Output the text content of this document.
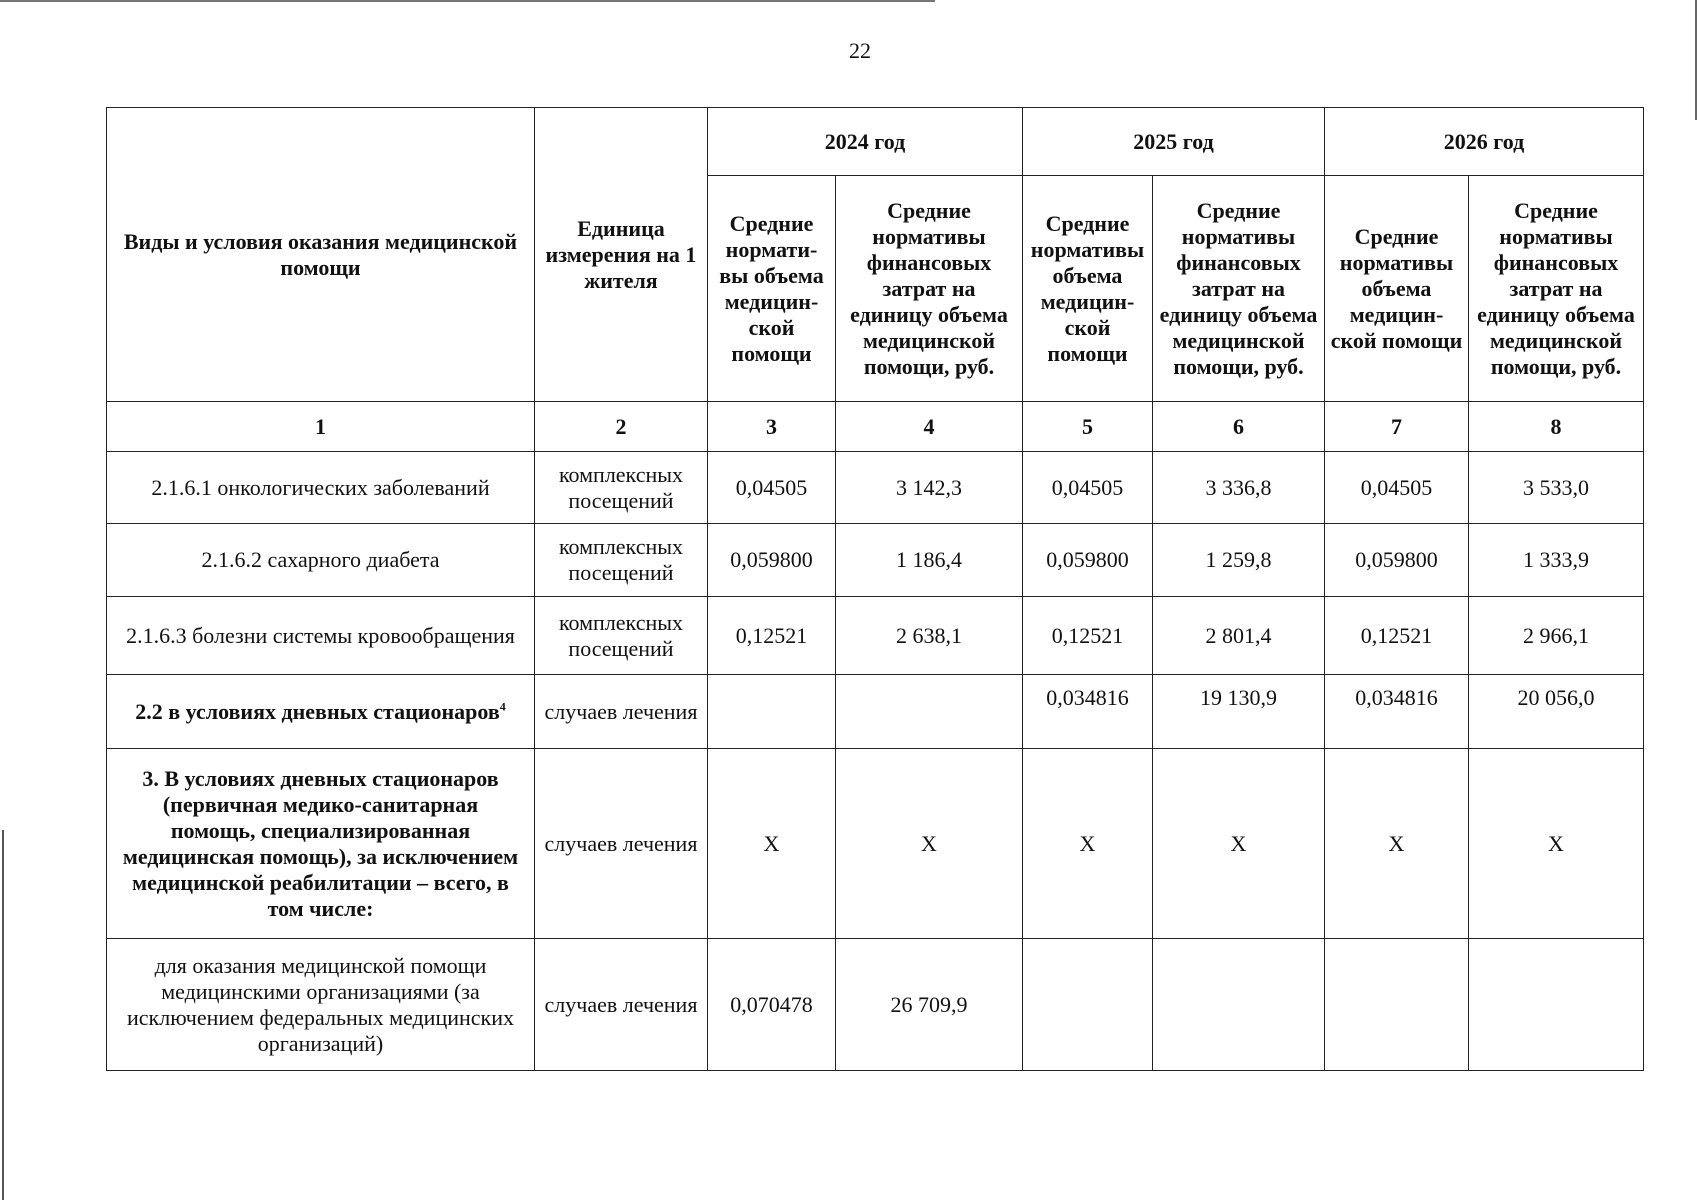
22
Виды и условия оказания медицинской помощи	Единица измерения на 1 жителя	2024 год		2025 год		2026 год	
		Средние нормати-вы объема медицин-ской помощи	Средние нормативы финансовых затрат на единицу объема медицинской помощи, руб.	Средние нормативы объема медицин-ской помощи	Средние нормативы финансовых затрат на единицу объема медицинской помощи, руб.	Средние нормативы объема медицин-ской помощи	Средние нормативы финансовых затрат на единицу объема медицинской помощи, руб.
1	2	3	4	5	6	7	8
2.1.6.1 онкологических заболеваний	комплексных посещений	0,04505	3 142,3	0,04505	3 336,8	0,04505	3 533,0
2.1.6.2 сахарного диабета	комплексных посещений	0,059800	1 186,4	0,059800	1 259,8	0,059800	1 333,9
2.1.6.3 болезни системы кровообращения	комплексных посещений	0,12521	2 638,1	0,12521	2 801,4	0,12521	2 966,1
2.2 в условиях дневных стационаров$^4$	случаев лечения			0,034816	19 130,9	0,034816	20 056,0
3. В условиях дневных стационаров (первичная медико-санитарная помощь, специализированная медицинская помощь), за исключением медицинской реабилитации – всего, в том числе:	случаев лечения	X	X	X	X	X	X
для оказания медицинской помощи медицинскими организациями (за исключением федеральных медицинских организаций)	случаев лечения	0,070478	26 709,9				
